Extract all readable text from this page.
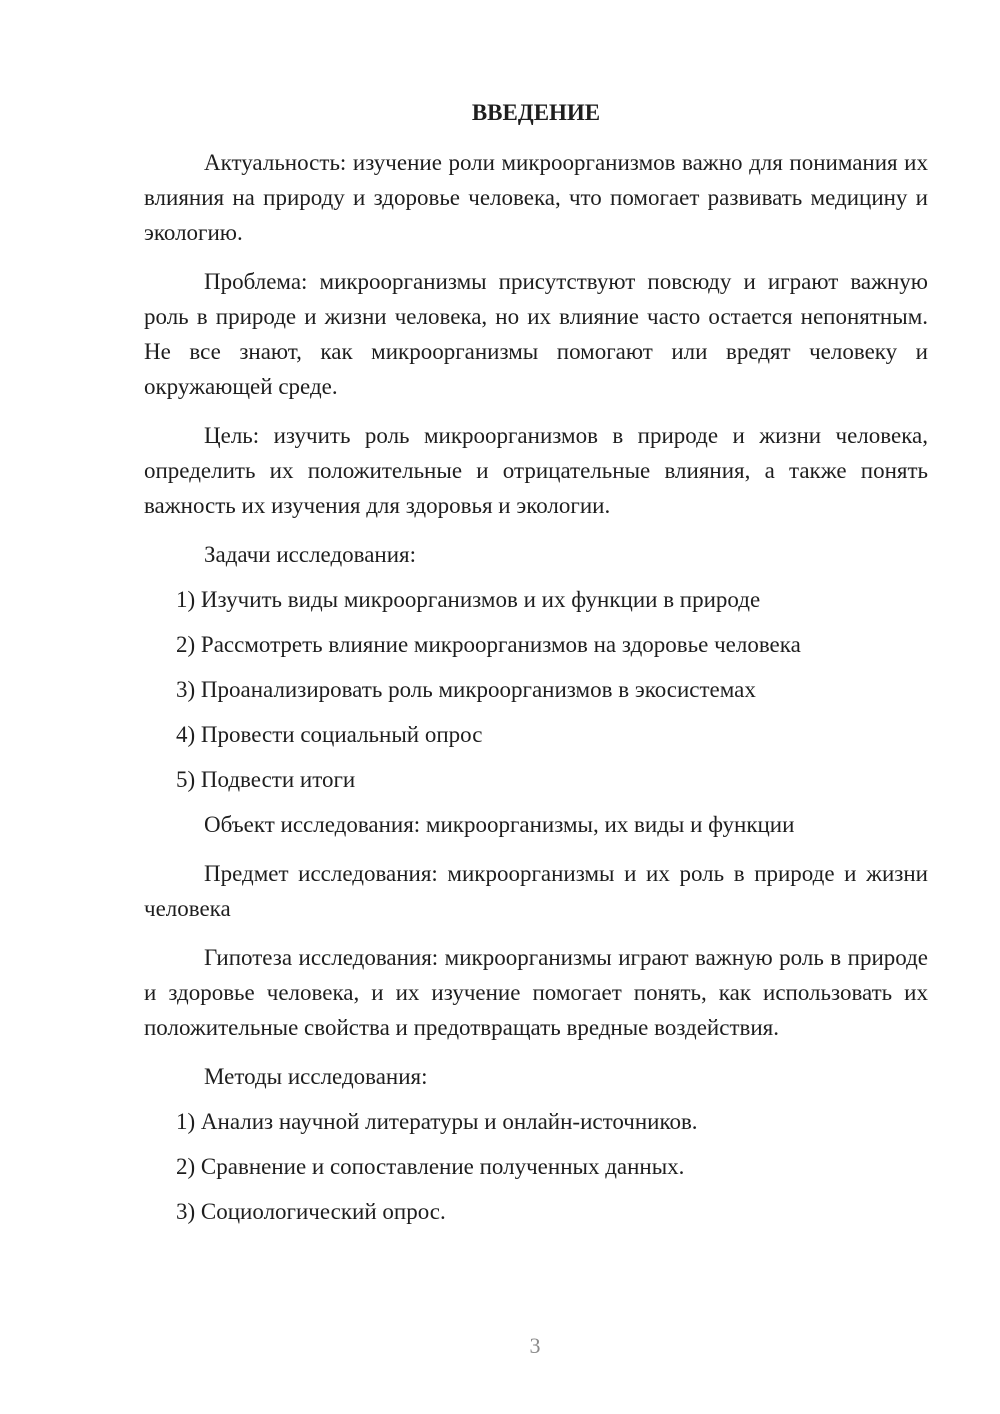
ВВЕДЕНИЕ

Актуальность: изучение роли микроорганизмов важно для понимания их влияния на природу и здоровье человека, что помогает развивать медицину и экологию.

Проблема: микроорганизмы присутствуют повсюду и играют важную роль в природе и жизни человека, но их влияние часто остается непонятным. Не все знают, как микроорганизмы помогают или вредят человеку и окружающей среде.

Цель: изучить роль микроорганизмов в природе и жизни человека, определить их положительные и отрицательные влияния, а также понять важность их изучения для здоровья и экологии.

Задачи исследования:
1) Изучить виды микроорганизмов и их функции в природе
2) Рассмотреть влияние микроорганизмов на здоровье человека
3) Проанализировать роль микроорганизмов в экосистемах
4) Провести социальный опрос
5) Подвести итоги

Объект исследования: микроорганизмы, их виды и функции

Предмет исследования: микроорганизмы и их роль в природе и жизни человека

Гипотеза исследования: микроорганизмы играют важную роль в природе и здоровье человека, и их изучение помогает понять, как использовать их положительные свойства и предотвращать вредные воздействия.

Методы исследования:
1) Анализ научной литературы и онлайн-источников.
2) Сравнение и сопоставление полученных данных.
3) Социологический опрос.
3
